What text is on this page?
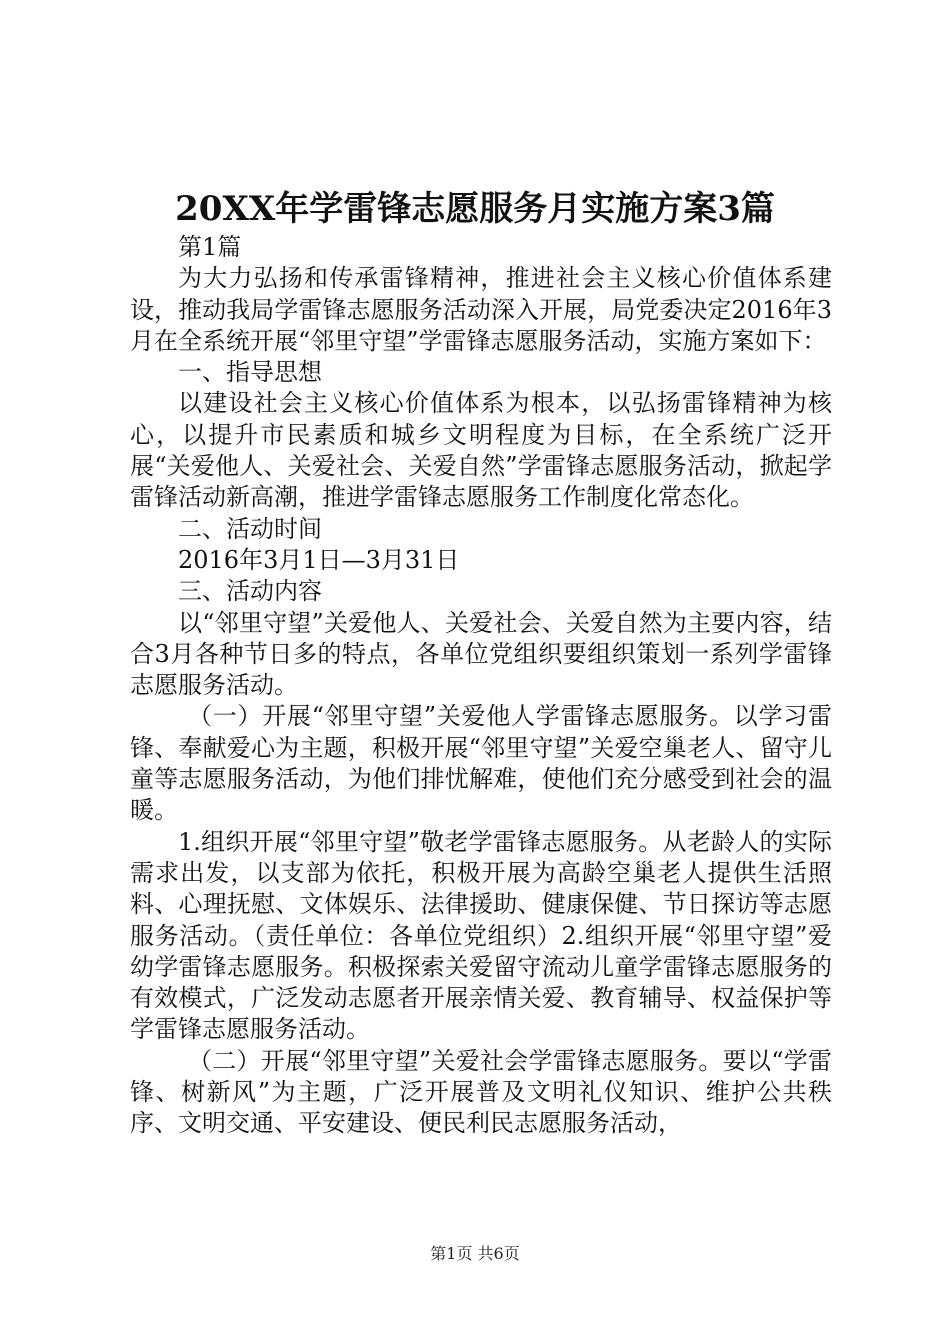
20XX年学雷锋志愿服务月实施方案3篇

第1篇

为大力弘扬和传承雷锋精神，推进社会主义核心价值体系建设，推动我局学雷锋志愿服务活动深入开展，局党委决定2016年3月在全系统开展“邻里守望”学雷锋志愿服务活动，实施方案如下：

一、指导思想

以建设社会主义核心价值体系为根本，以弘扬雷锋精神为核心，以提升市民素质和城乡文明程度为目标，在全系统广泛开展“关爱他人、关爱社会、关爱自然”学雷锋志愿服务活动，掀起学雷锋活动新高潮，推进学雷锋志愿服务工作制度化常态化。

二、活动时间

2016年3月1日—3月31日

三、活动内容

以“邻里守望”关爱他人、关爱社会、关爱自然为主要内容，结合3月各种节日多的特点，各单位党组织要组织策划一系列学雷锋志愿服务活动。

（一）开展“邻里守望”关爱他人学雷锋志愿服务。以学习雷锋、奉献爱心为主题，积极开展“邻里守望”关爱空巢老人、留守儿童等志愿服务活动，为他们排忧解难，使他们充分感受到社会的温暖。

1.组织开展“邻里守望”敬老学雷锋志愿服务。从老龄人的实际需求出发，以支部为依托，积极开展为高龄空巢老人提供生活照料、心理抚慰、文体娱乐、法律援助、健康保健、节日探访等志愿服务活动。（责任单位：各单位党组织）2.组织开展“邻里守望”爱幼学雷锋志愿服务。积极探索关爱留守流动儿童学雷锋志愿服务的有效模式，广泛发动志愿者开展亲情关爱、教育辅导、权益保护等学雷锋志愿服务活动。

（二）开展“邻里守望”关爱社会学雷锋志愿服务。要以“学雷锋、树新风”为主题，广泛开展普及文明礼仪知识、维护公共秩序、文明交通、平安建设、便民利民志愿服务活动，

第1页 共6页
